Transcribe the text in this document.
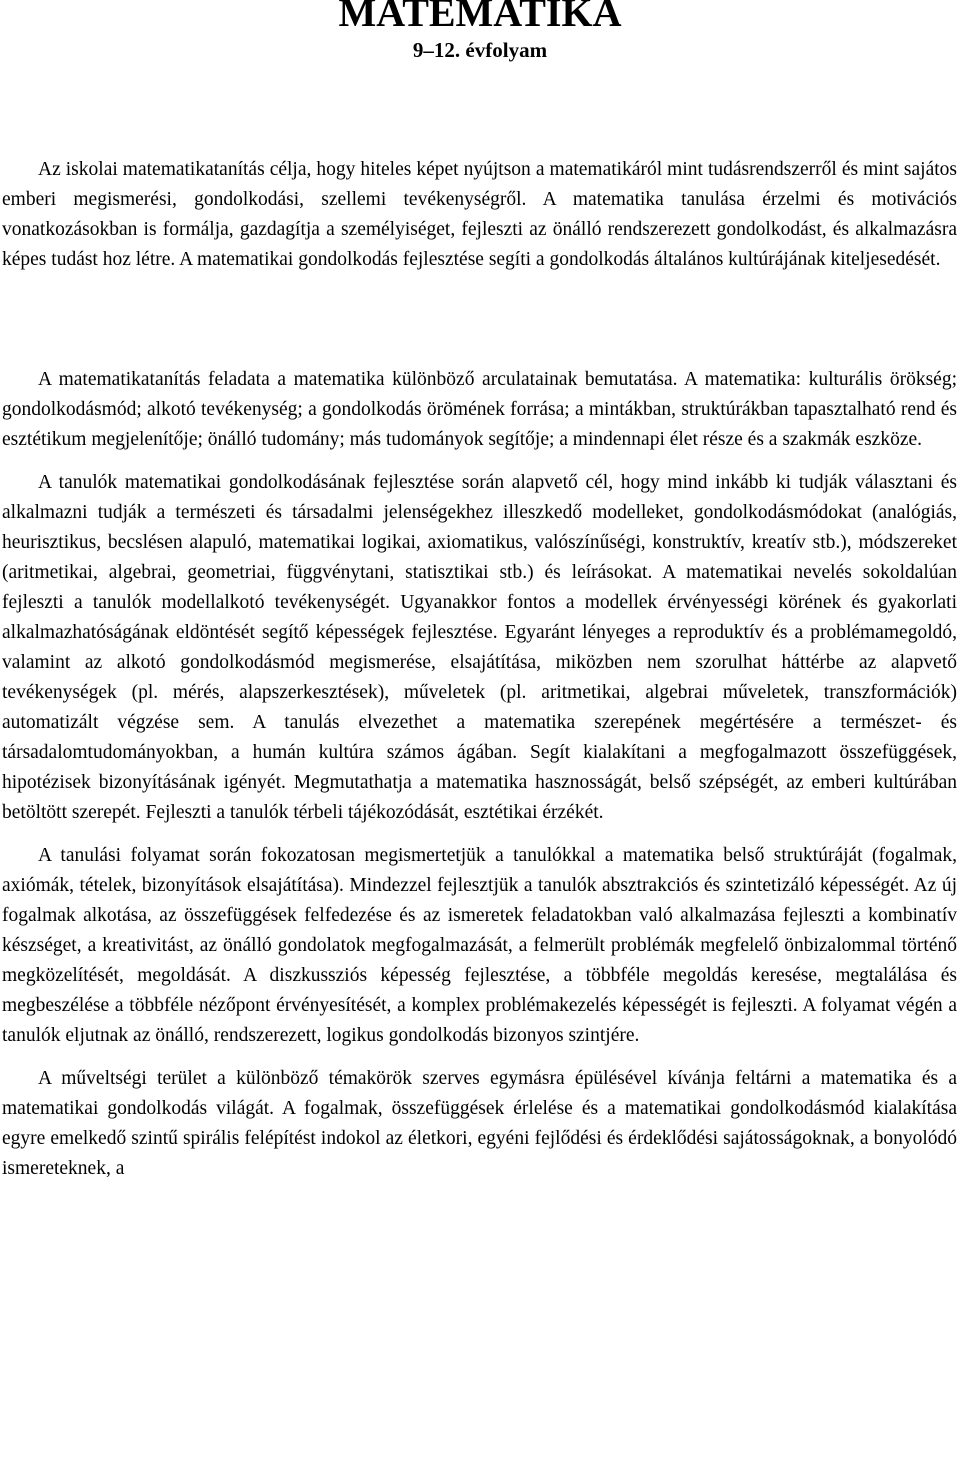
MATEMATIKA
9–12. évfolyam

Az iskolai matematikatanítás célja, hogy hiteles képet nyújtson a matematikáról mint tudásrendszerről és mint sajátos emberi megismerési, gondolkodási, szellemi tevékenységről. A matematika tanulása érzelmi és motivációs vonatkozásokban is formálja, gazdagítja a személyiséget, fejleszti az önálló rendszerezett gondolkodást, és alkalmazásra képes tudást hoz létre. A matematikai gondolkodás fejlesztése segíti a gondolkodás általános kultúrájának kiteljesedését.

A matematikatanítás feladata a matematika különböző arculatainak bemutatása. A matematika: kulturális örökség; gondolkodásmód; alkotó tevékenység; a gondolkodás örömének forrása; a mintákban, struktúrákban tapasztalható rend és esztétikum megjelenítője; önálló tudomány; más tudományok segítője; a mindennapi élet része és a szakmák eszköze.

A tanulók matematikai gondolkodásának fejlesztése során alapvető cél, hogy mind inkább ki tudják választani és alkalmazni tudják a természeti és társadalmi jelenségekhez illeszkedő modelleket, gondolkodásmódokat (analógiás, heurisztikus, becslésen alapuló, matematikai logikai, axiomatikus, valószínűségi, konstruktív, kreatív stb.), módszereket (aritmetikai, algebrai, geometriai, függvénytani, statisztikai stb.) és leírásokat. A matematikai nevelés sokoldalúan fejleszti a tanulók modellalkotó tevékenységét. Ugyanakkor fontos a modellek érvényességi körének és gyakorlati alkalmazhatóságának eldöntését segítő képességek fejlesztése. Egyaránt lényeges a reproduktív és a problémamegoldó, valamint az alkotó gondolkodásmód megismerése, elsajátítása, miközben nem szorulhat háttérbe az alapvető tevékenységek (pl. mérés, alapszerkesztések), műveletek (pl. aritmetikai, algebrai műveletek, transzformációk) automatizált végzése sem. A tanulás elvezethet a matematika szerepének megértésére a természet- és társadalomtudományokban, a humán kultúra számos ágában. Segít kialakítani a megfogalmazott összefüggések, hipotézisek bizonyításának igényét. Megmutathatja a matematika hasznosságát, belső szépségét, az emberi kultúrában betöltött szerepét. Fejleszti a tanulók térbeli tájékozódását, esztétikai érzékét.

A tanulási folyamat során fokozatosan megismertetjük a tanulókkal a matematika belső struktúráját (fogalmak, axiómák, tételek, bizonyítások elsajátítása). Mindezzel fejlesztjük a tanulók absztrakciós és szintetizáló képességét. Az új fogalmak alkotása, az összefüggések felfedezése és az ismeretek feladatokban való alkalmazása fejleszti a kombinatív készséget, a kreativitást, az önálló gondolatok megfogalmazását, a felmerült problémák megfelelő önbizalommal történő megközelítését, megoldását. A diszkussziós képesség fejlesztése, a többféle megoldás keresése, megtalálása és megbeszélése a többféle nézőpont érvényesítését, a komplex problémakezelés képességét is fejleszti. A folyamat végén a tanulók eljutnak az önálló, rendszerezett, logikus gondolkodás bizonyos szintjére.

A műveltségi terület a különböző témakörök szerves egymásra épülésével kívánja feltárni a matematika és a matematikai gondolkodás világát. A fogalmak, összefüggések érlelése és a matematikai gondolkodásmód kialakítása egyre emelkedő szintű spirális felépítést indokol az életkori, egyéni fejlődési és érdeklődési sajátosságoknak, a bonyolódó ismereteknek, a
